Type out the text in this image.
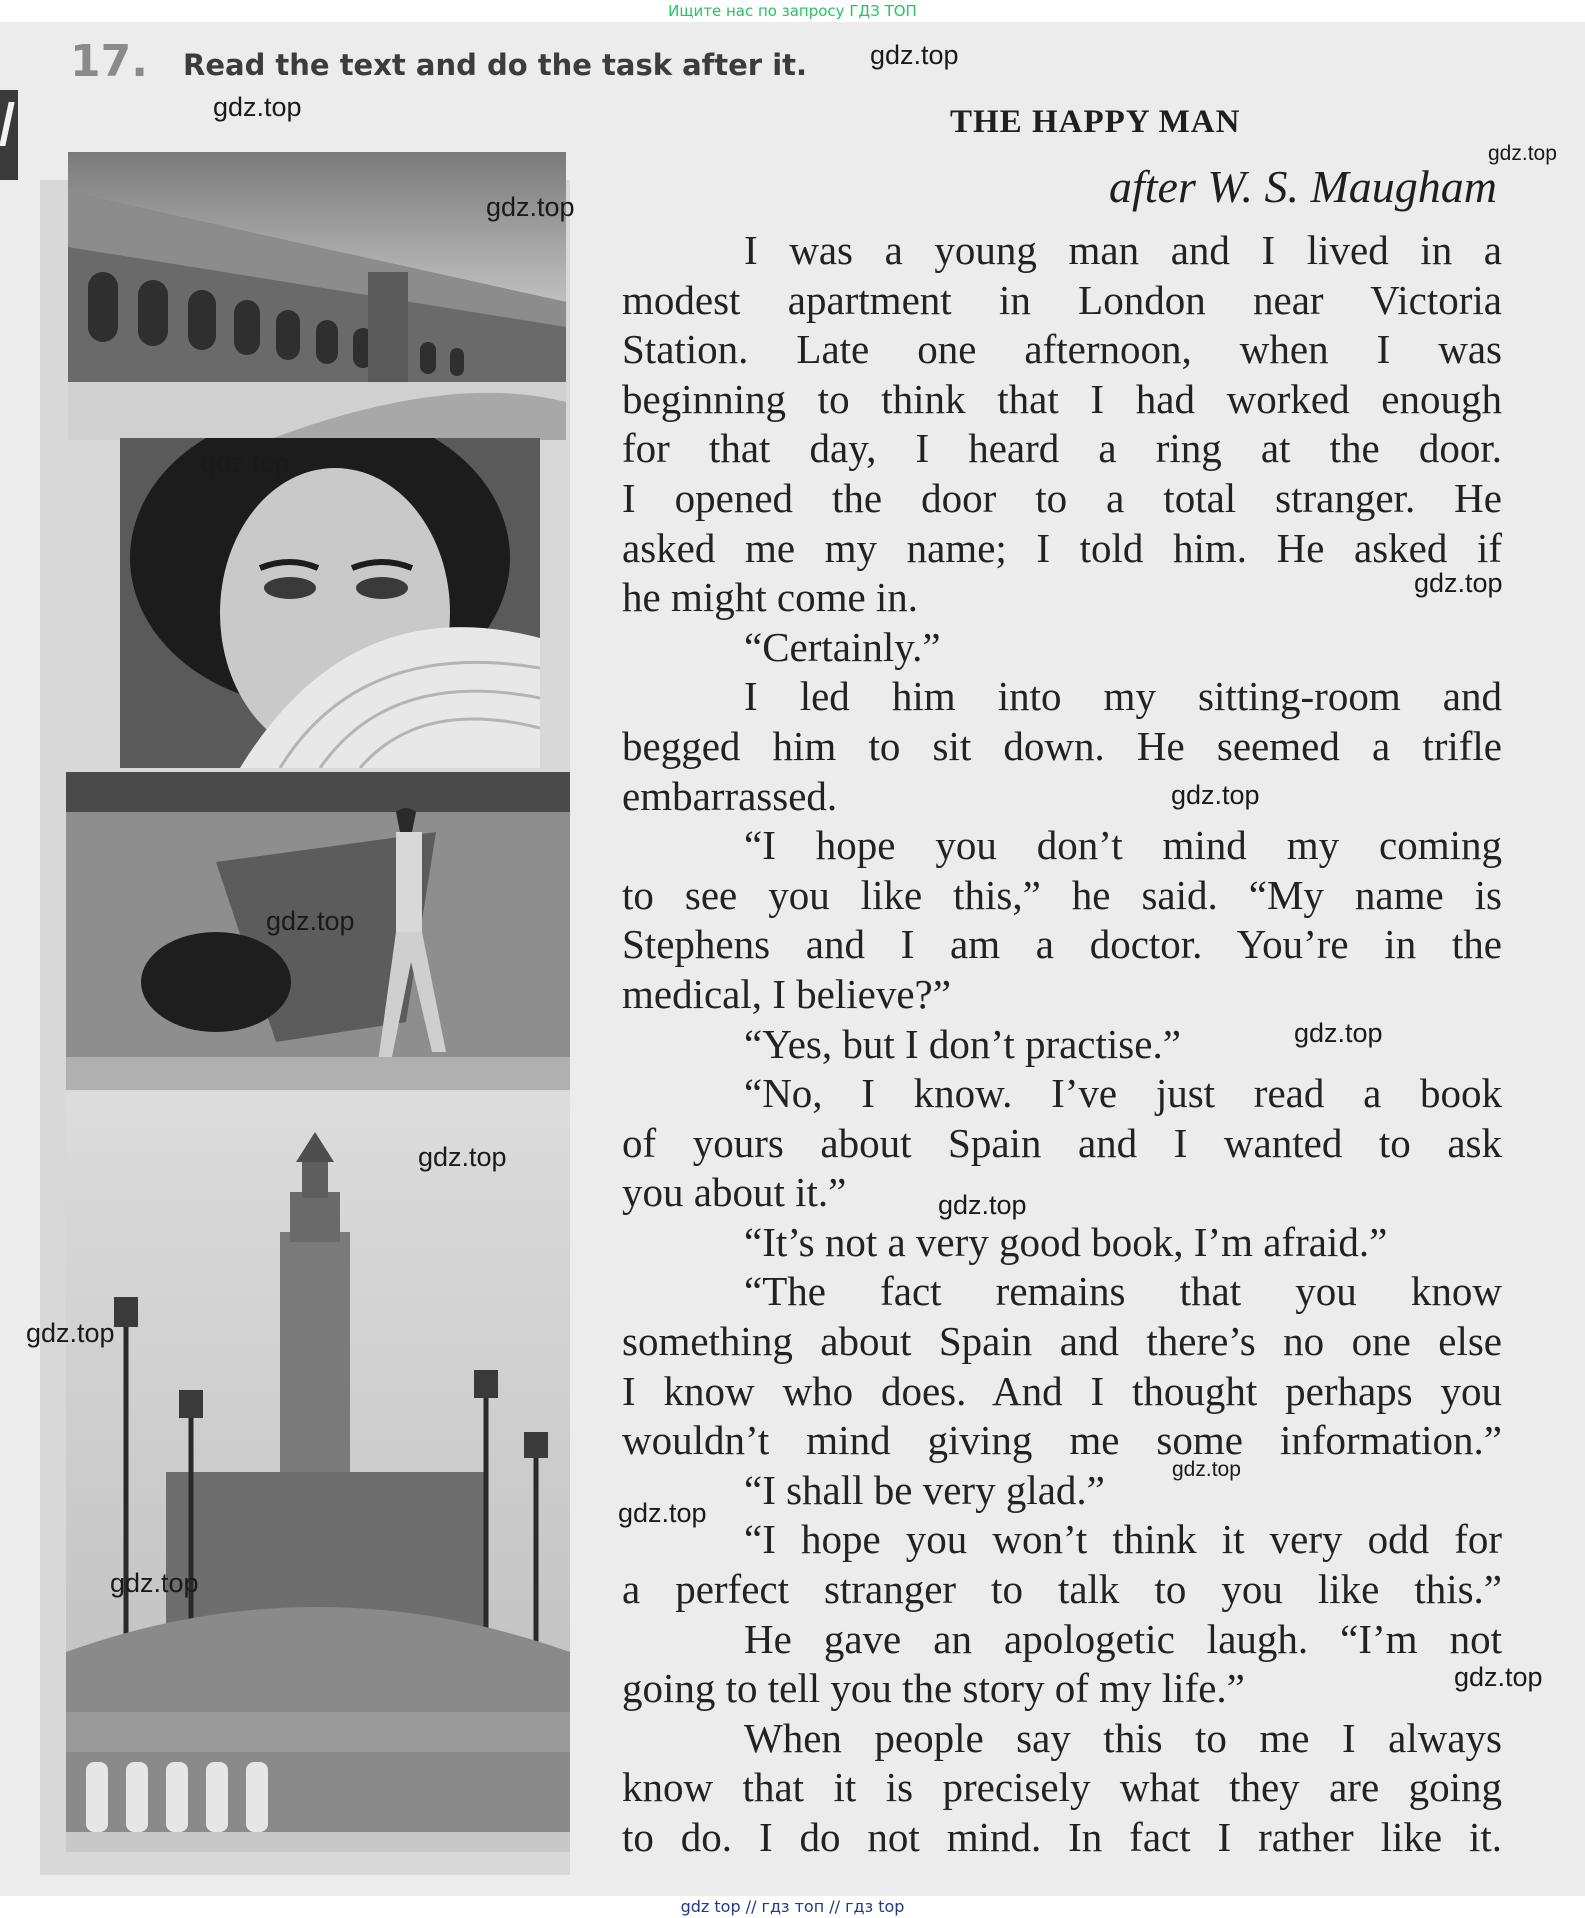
Ищите нас по запросу ГДЗ ТОП
17. Read the text and do the task after it.
THE HAPPY MAN
after W. S. Maugham
I was a young man and I lived in a
modest apartment in London near Victoria
Station. Late one afternoon, when I was
beginning to think that I had worked enough
for that day, I heard a ring at the door.
I opened the door to a total stranger. He
asked me my name; I told him. He asked if
he might come in.
“Certainly.”
I led him into my sitting-room and
begged him to sit down. He seemed a trifle
embarrassed.
“I hope you don’t mind my coming
to see you like this,” he said. “My name is
Stephens and I am a doctor. You’re in the
medical, I believe?”
“Yes, but I don’t practise.”
“No, I know. I’ve just read a book
of yours about Spain and I wanted to ask
you about it.”
“It’s not a very good book, I’m afraid.”
“The fact remains that you know
something about Spain and there’s no one else
I know who does. And I thought perhaps you
wouldn’t mind giving me some information.”
“I shall be very glad.”
“I hope you won’t think it very odd for
a perfect stranger to talk to you like this.”
He gave an apologetic laugh. “I’m not
going to tell you the story of my life.”
When people say this to me I always
know that it is precisely what they are going
to do. I do not mind. In fact I rather like it.
gdz.top
gdz.top
gdz.top
gdz.top
gdz.top
gdz.top
gdz.top
gdz.top
gdz.top
gdz.top
gdz.top
gdz.top
gdz.top
gdz.top
gdz.top
gdz.top
gdz top // гдз топ // гдз top
